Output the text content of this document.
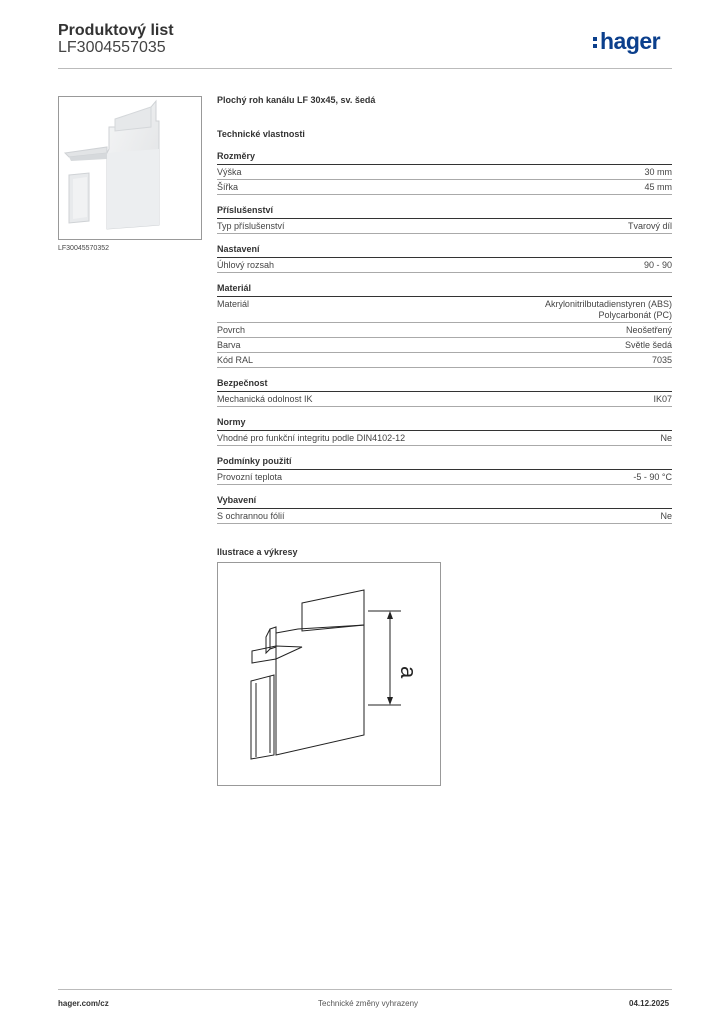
Produktový list
LF3004557035	hager
LF30045570352
Plochý roh kanálu LF 30x45, sv. šedá
Technické vlastnosti
Rozměry
Výška	30 mm
Šířka	45 mm
Příslušenství
Typ příslušenství	Tvarový díl
Nastavení
Úhlový rozsah	90 - 90
Materiál
Materiál	Akrylonitrilbutadienstyren (ABS)
Polycarbonát (PC)
Povrch	Neošetřený
Barva	Světle šedá
Kód RAL	7035
Bezpečnost
Mechanická odolnost IK	IK07
Normy
Vhodné pro funkční integritu podle DIN4102-12	Ne
Podmínky použití
Provozní teplota	-5 - 90 °C
Vybavení
S ochrannou fólií	Ne
Ilustrace a výkresy
a
hager.com/cz	Technické změny vyhrazeny	04.12.2025
